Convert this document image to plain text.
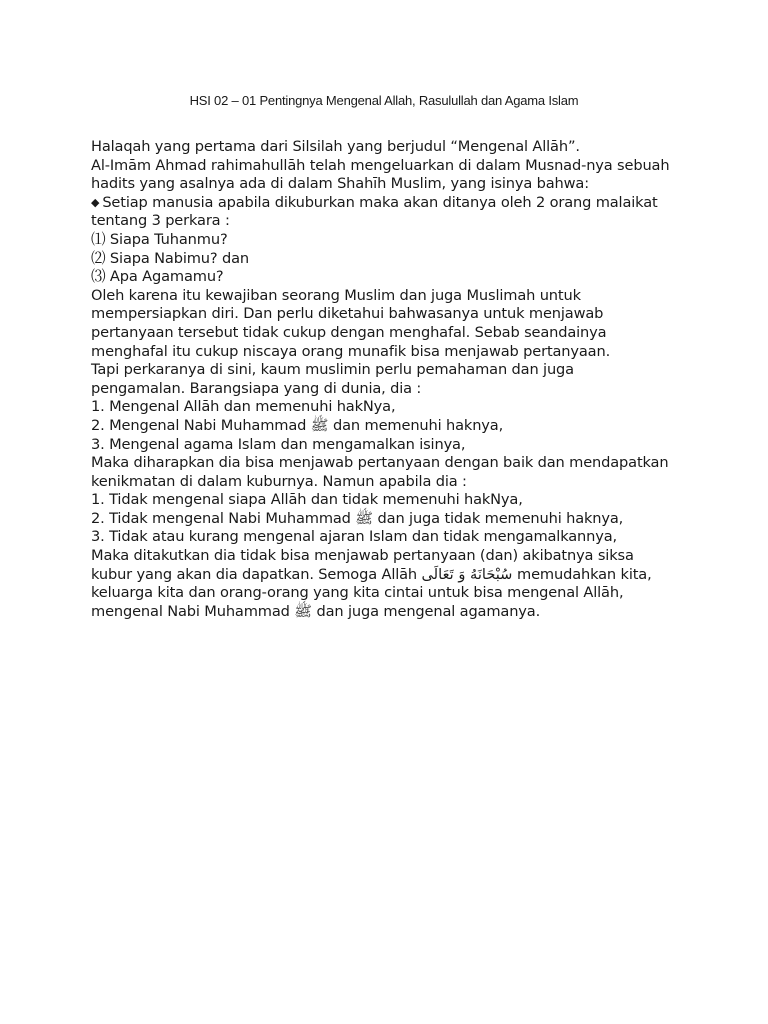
HSI 02 – 01 Pentingnya Mengenal Allah, Rasulullah dan Agama Islam

Halaqah yang pertama dari Silsilah yang berjudul “Mengenal Allāh”.
Al-Imām Ahmad rahimahullāh telah mengeluarkan di dalam Musnad-nya sebuah
hadits yang asalnya ada di dalam Shahīh Muslim, yang isinya bahwa:
◆ Setiap manusia apabila dikuburkan maka akan ditanya oleh 2 orang malaikat
tentang 3 perkara :
⑴ Siapa Tuhanmu?
⑵ Siapa Nabimu? dan
⑶ Apa Agamamu?
Oleh karena itu kewajiban seorang Muslim dan juga Muslimah untuk
mempersiapkan diri. Dan perlu diketahui bahwasanya untuk menjawab
pertanyaan tersebut tidak cukup dengan menghafal. Sebab seandainya
menghafal itu cukup niscaya orang munafik bisa menjawab pertanyaan.
Tapi perkaranya di sini, kaum muslimin perlu pemahaman dan juga
pengamalan. Barangsiapa yang di dunia, dia :
1. Mengenal Allāh dan memenuhi hakNya,
2. Mengenal Nabi Muhammad ﷺ dan memenuhi haknya,
3. Mengenal agama Islam dan mengamalkan isinya,
Maka diharapkan dia bisa menjawab pertanyaan dengan baik dan mendapatkan
kenikmatan di dalam kuburnya. Namun apabila dia :
1. Tidak mengenal siapa Allāh dan tidak memenuhi hakNya,
2. Tidak mengenal Nabi Muhammad ﷺ dan juga tidak memenuhi haknya,
3. Tidak atau kurang mengenal ajaran Islam dan tidak mengamalkannya,
Maka ditakutkan dia tidak bisa menjawab pertanyaan (dan) akibatnya siksa
kubur yang akan dia dapatkan. Semoga Allāh سُبْحَانَهُ وَ تَعَالَى memudahkan kita,
keluarga kita dan orang-orang yang kita cintai untuk bisa mengenal Allāh,
mengenal Nabi Muhammad ﷺ dan juga mengenal agamanya.
